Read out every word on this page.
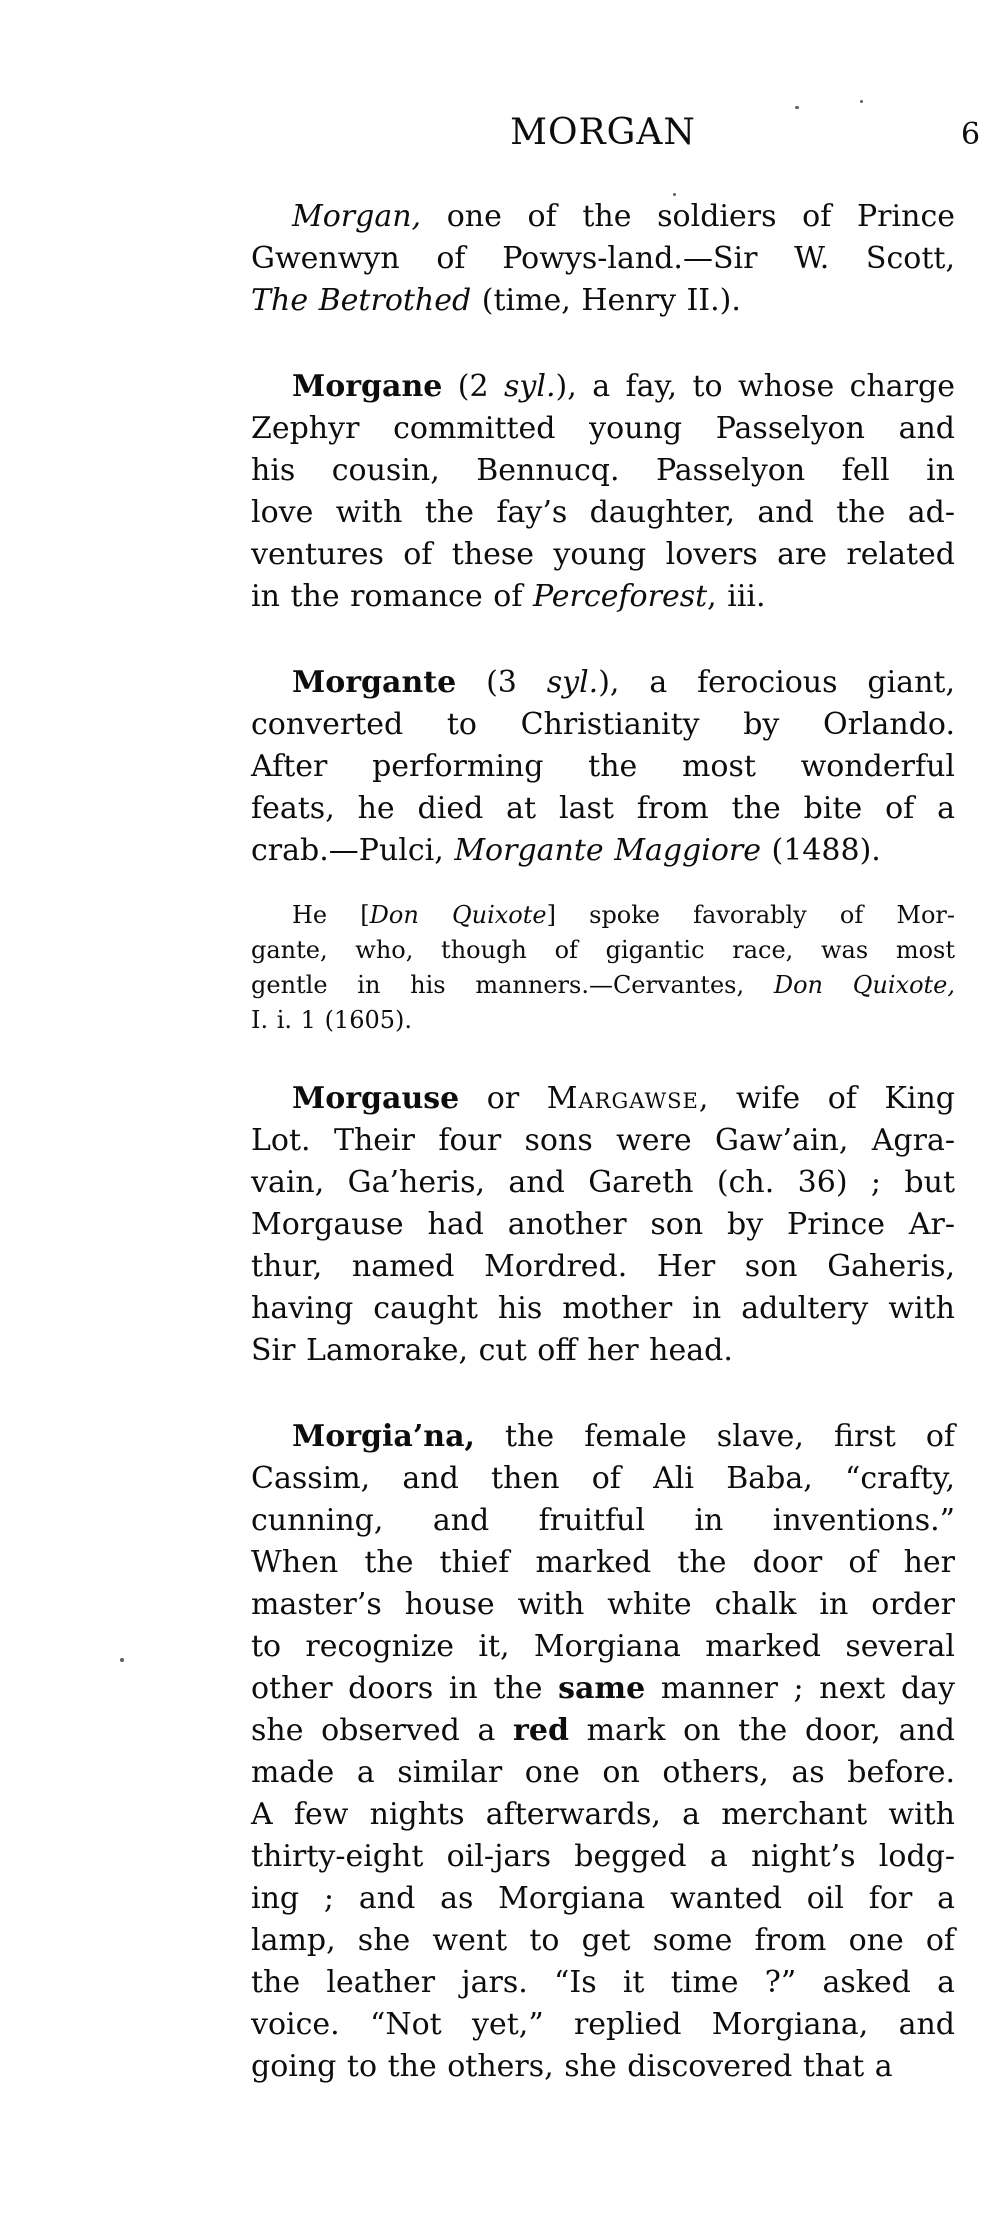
MORGAN	6
Morgan, one of the soldiers of Prince
Gwenwyn of Powys-land.—Sir W. Scott,
The Betrothed (time, Henry II.).
Morgane (2 syl.), a fay, to whose charge
Zephyr committed young Passelyon and
his cousin, Bennucq. Passelyon fell in
love with the fay’s daughter, and the ad-
ventures of these young lovers are related
in the romance of Perceforest, iii.
Morgante (3 syl.), a ferocious giant,
converted to Christianity by Orlando.
After performing the most wonderful
feats, he died at last from the bite of a
crab.—Pulci, Morgante Maggiore (1488).
He [Don Quixote] spoke favorably of Mor-
gante, who, though of gigantic race, was most
gentle in his manners.—Cervantes, Don Quixote,
I. i. 1 (1605).
Morgause or Margawse, wife of King
Lot. Their four sons were Gaw’ain, Agra-
vain, Ga’heris, and Gareth (ch. 36) ; but
Morgause had another son by Prince Ar-
thur, named Mordred. Her son Gaheris,
having caught his mother in adultery with
Sir Lamorake, cut off her head.
Morgia’na, the female slave, first of
Cassim, and then of Ali Baba, “crafty,
cunning, and fruitful in inventions.”
When the thief marked the door of her
master’s house with white chalk in order
to recognize it, Morgiana marked several
other doors in the same manner ; next day
she observed a red mark on the door, and
made a similar one on others, as before.
A few nights afterwards, a merchant with
thirty-eight oil-jars begged a night’s lodg-
ing ; and as Morgiana wanted oil for a
lamp, she went to get some from one of
the leather jars. “Is it time ?” asked a
voice. “Not yet,” replied Morgiana, and
going to the others, she discovered that a
